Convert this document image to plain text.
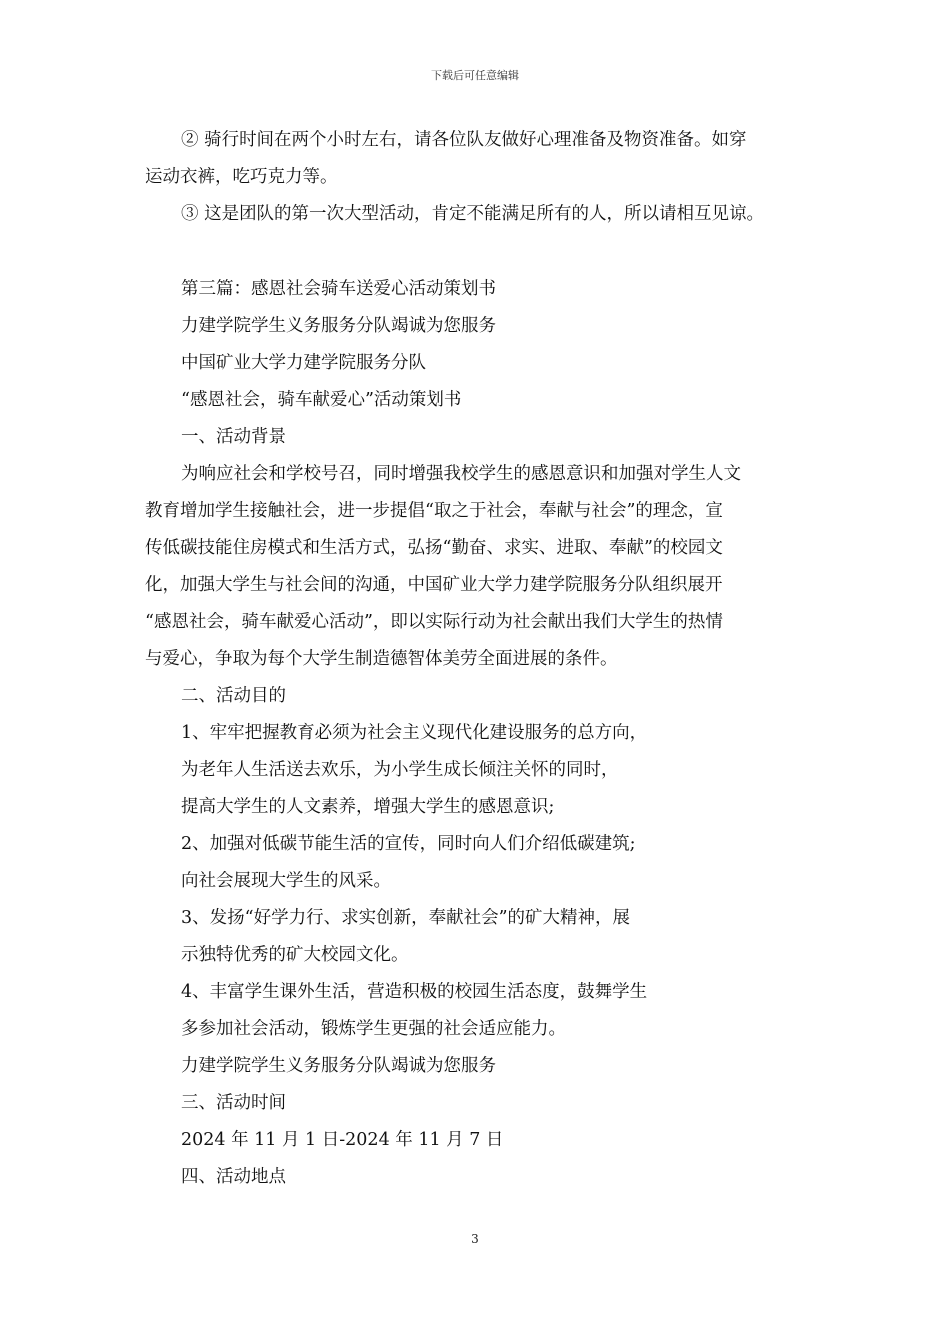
下载后可任意编辑

② 骑行时间在两个小时左右，请各位队友做好心理准备及物资准备。如穿

运动衣裤，吃巧克力等。

③ 这是团队的第一次大型活动，肯定不能满足所有的人，所以请相互见谅。

第三篇：感恩社会骑车送爱心活动策划书

力建学院学生义务服务分队竭诚为您服务

中国矿业大学力建学院服务分队

“感恩社会，骑车献爱心”活动策划书

一、活动背景

为响应社会和学校号召，同时增强我校学生的感恩意识和加强对学生人文

教育增加学生接触社会，进一步提倡“取之于社会，奉献与社会”的理念，宣

传低碳技能住房模式和生活方式，弘扬“勤奋、求实、进取、奉献”的校园文

化，加强大学生与社会间的沟通，中国矿业大学力建学院服务分队组织展开

“感恩社会，骑车献爱心活动”，即以实际行动为社会献出我们大学生的热情

与爱心，争取为每个大学生制造德智体美劳全面进展的条件。

二、活动目的

1、牢牢把握教育必须为社会主义现代化建设服务的总方向，

为老年人生活送去欢乐，为小学生成长倾注关怀的同时，

提高大学生的人文素养，增强大学生的感恩意识;

2、加强对低碳节能生活的宣传，同时向人们介绍低碳建筑;

向社会展现大学生的风采。

3、发扬“好学力行、求实创新，奉献社会”的矿大精神，展

示独特优秀的矿大校园文化。

4、丰富学生课外生活，营造积极的校园生活态度，鼓舞学生

多参加社会活动，锻炼学生更强的社会适应能力。

力建学院学生义务服务分队竭诚为您服务

三、活动时间

2024 年 11 月 1 日-2024 年 11 月 7 日

四、活动地点

3
